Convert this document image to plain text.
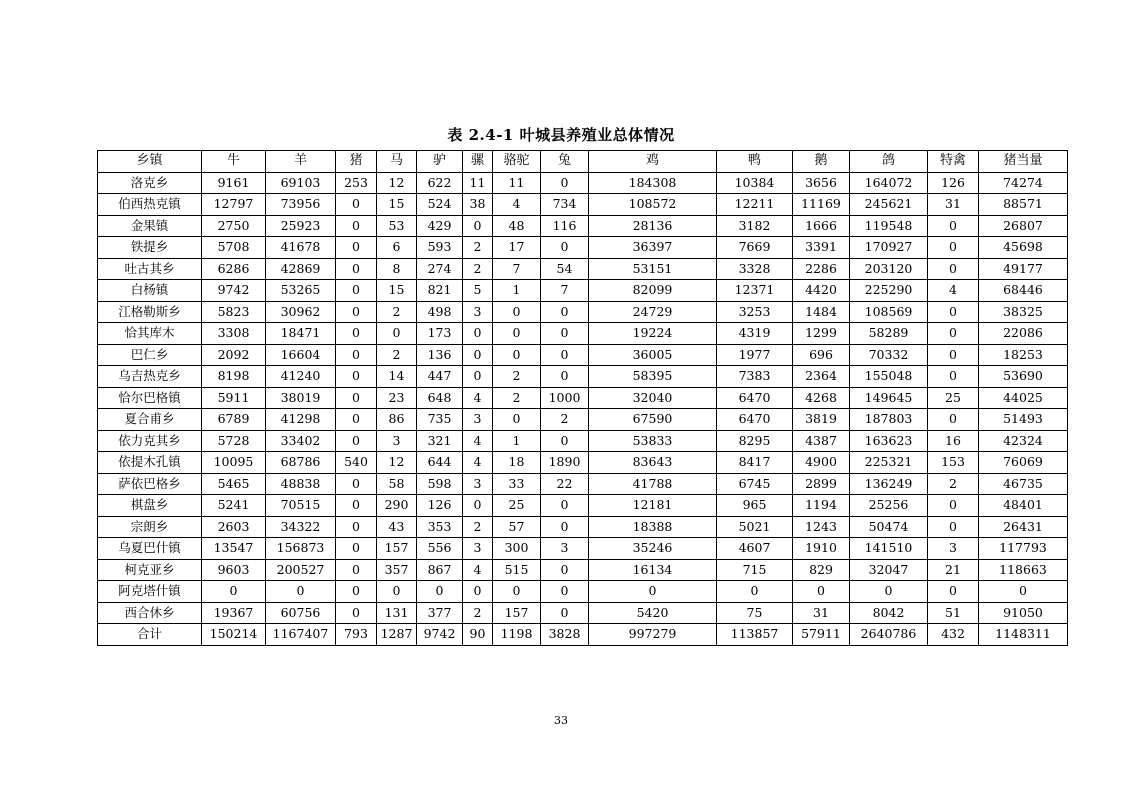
表 2.4-1 叶城县养殖业总体情况
乡镇	牛	羊	猪	马	驴	骡	骆驼	兔	鸡	鸭	鹅	鸽	特禽	猪当量
洛克乡	9161	69103	253	12	622	11	11	0	184308	10384	3656	164072	126	74274
伯西热克镇	12797	73956	0	15	524	38	4	734	108572	12211	11169	245621	31	88571
金果镇	2750	25923	0	53	429	0	48	116	28136	3182	1666	119548	0	26807
铁提乡	5708	41678	0	6	593	2	17	0	36397	7669	3391	170927	0	45698
吐古其乡	6286	42869	0	8	274	2	7	54	53151	3328	2286	203120	0	49177
白杨镇	9742	53265	0	15	821	5	1	7	82099	12371	4420	225290	4	68446
江格勒斯乡	5823	30962	0	2	498	3	0	0	24729	3253	1484	108569	0	38325
恰其库木	3308	18471	0	0	173	0	0	0	19224	4319	1299	58289	0	22086
巴仁乡	2092	16604	0	2	136	0	0	0	36005	1977	696	70332	0	18253
乌吉热克乡	8198	41240	0	14	447	0	2	0	58395	7383	2364	155048	0	53690
恰尔巴格镇	5911	38019	0	23	648	4	2	1000	32040	6470	4268	149645	25	44025
夏合甫乡	6789	41298	0	86	735	3	0	2	67590	6470	3819	187803	0	51493
依力克其乡	5728	33402	0	3	321	4	1	0	53833	8295	4387	163623	16	42324
依提木孔镇	10095	68786	540	12	644	4	18	1890	83643	8417	4900	225321	153	76069
萨依巴格乡	5465	48838	0	58	598	3	33	22	41788	6745	2899	136249	2	46735
棋盘乡	5241	70515	0	290	126	0	25	0	12181	965	1194	25256	0	48401
宗朗乡	2603	34322	0	43	353	2	57	0	18388	5021	1243	50474	0	26431
乌夏巴什镇	13547	156873	0	157	556	3	300	3	35246	4607	1910	141510	3	117793
柯克亚乡	9603	200527	0	357	867	4	515	0	16134	715	829	32047	21	118663
阿克塔什镇	0	0	0	0	0	0	0	0	0	0	0	0	0	0
西合休乡	19367	60756	0	131	377	2	157	0	5420	75	31	8042	51	91050
合计	150214	1167407	793	1287	9742	90	1198	3828	997279	113857	57911	2640786	432	1148311
33
